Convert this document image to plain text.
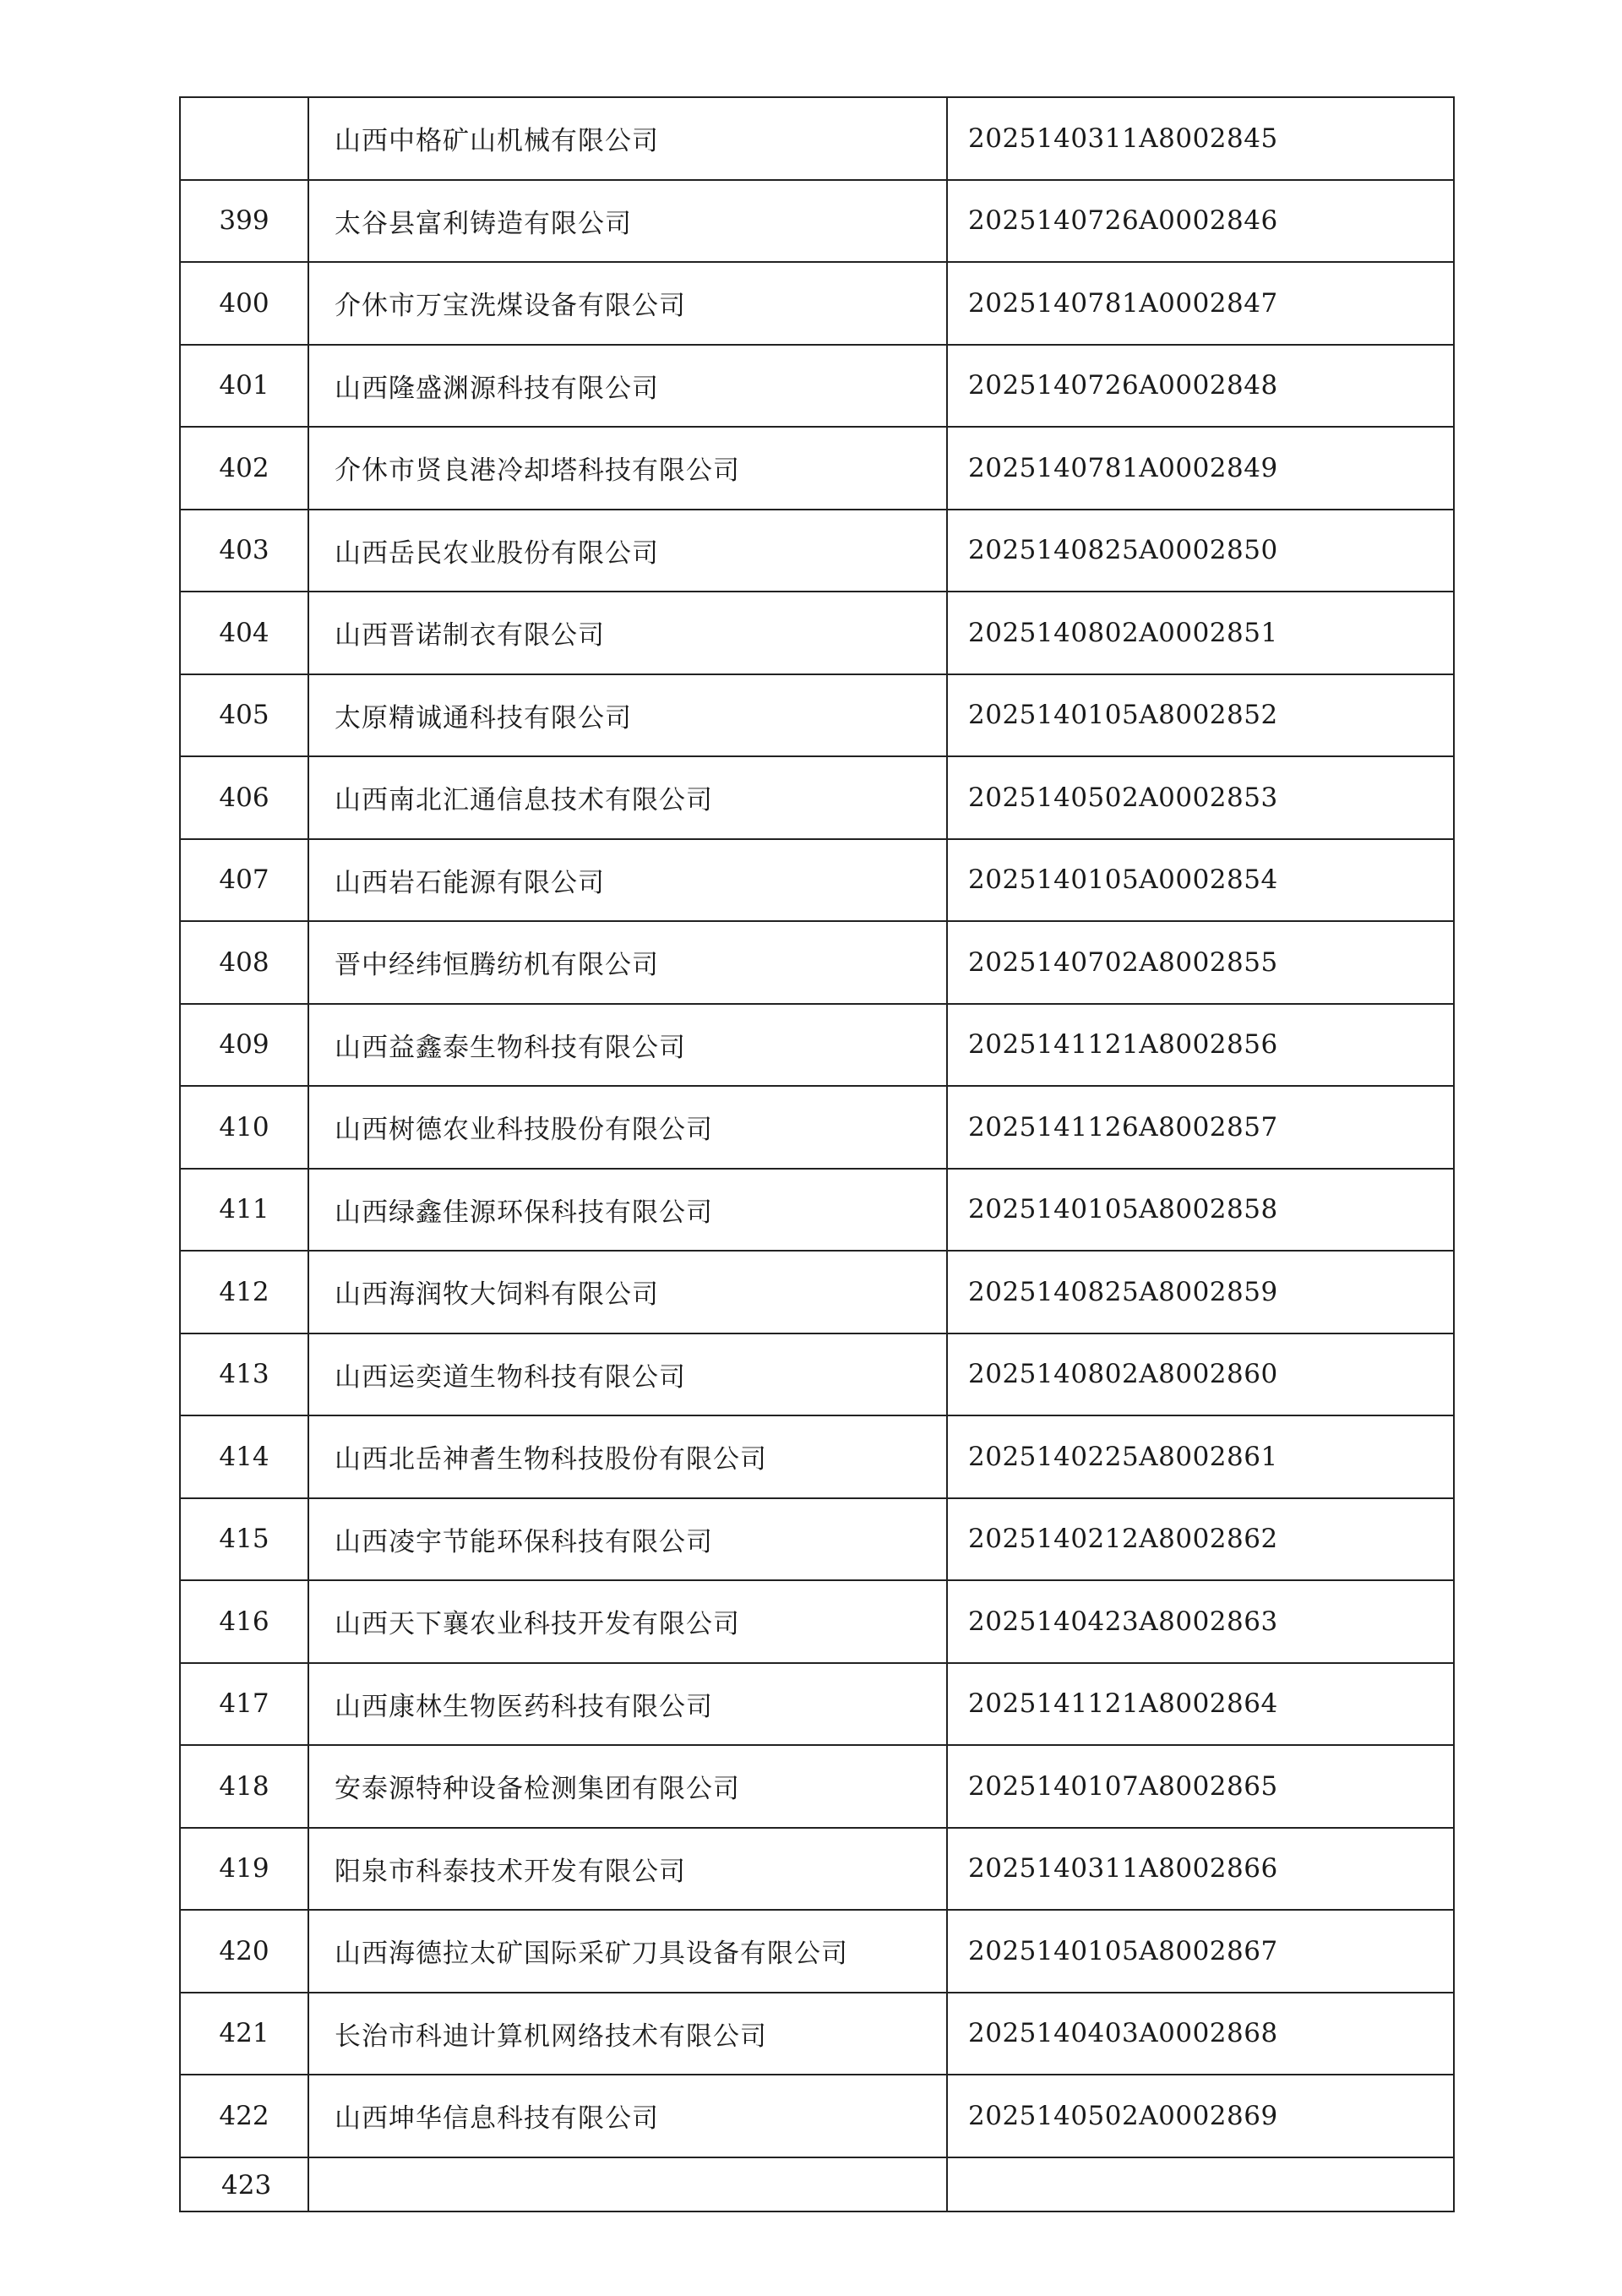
	山西中格矿山机械有限公司	2025140311A8002845
399	太谷县富利铸造有限公司	2025140726A0002846
400	介休市万宝洗煤设备有限公司	2025140781A0002847
401	山西隆盛渊源科技有限公司	2025140726A0002848
402	介休市贤良港冷却塔科技有限公司	2025140781A0002849
403	山西岳民农业股份有限公司	2025140825A0002850
404	山西晋诺制衣有限公司	2025140802A0002851
405	太原精诚通科技有限公司	2025140105A8002852
406	山西南北汇通信息技术有限公司	2025140502A0002853
407	山西岩石能源有限公司	2025140105A0002854
408	晋中经纬恒腾纺机有限公司	2025140702A8002855
409	山西益鑫泰生物科技有限公司	2025141121A8002856
410	山西树德农业科技股份有限公司	2025141126A8002857
411	山西绿鑫佳源环保科技有限公司	2025140105A8002858
412	山西海润牧大饲料有限公司	2025140825A8002859
413	山西运奕道生物科技有限公司	2025140802A8002860
414	山西北岳神耆生物科技股份有限公司	2025140225A8002861
415	山西凌宇节能环保科技有限公司	2025140212A8002862
416	山西天下襄农业科技开发有限公司	2025140423A8002863
417	山西康林生物医药科技有限公司	2025141121A8002864
418	安泰源特种设备检测集团有限公司	2025140107A8002865
419	阳泉市科泰技术开发有限公司	2025140311A8002866
420	山西海德拉太矿国际采矿刀具设备有限公司	2025140105A8002867
421	长治市科迪计算机网络技术有限公司	2025140403A0002868
422	山西坤华信息科技有限公司	2025140502A0002869
423		
